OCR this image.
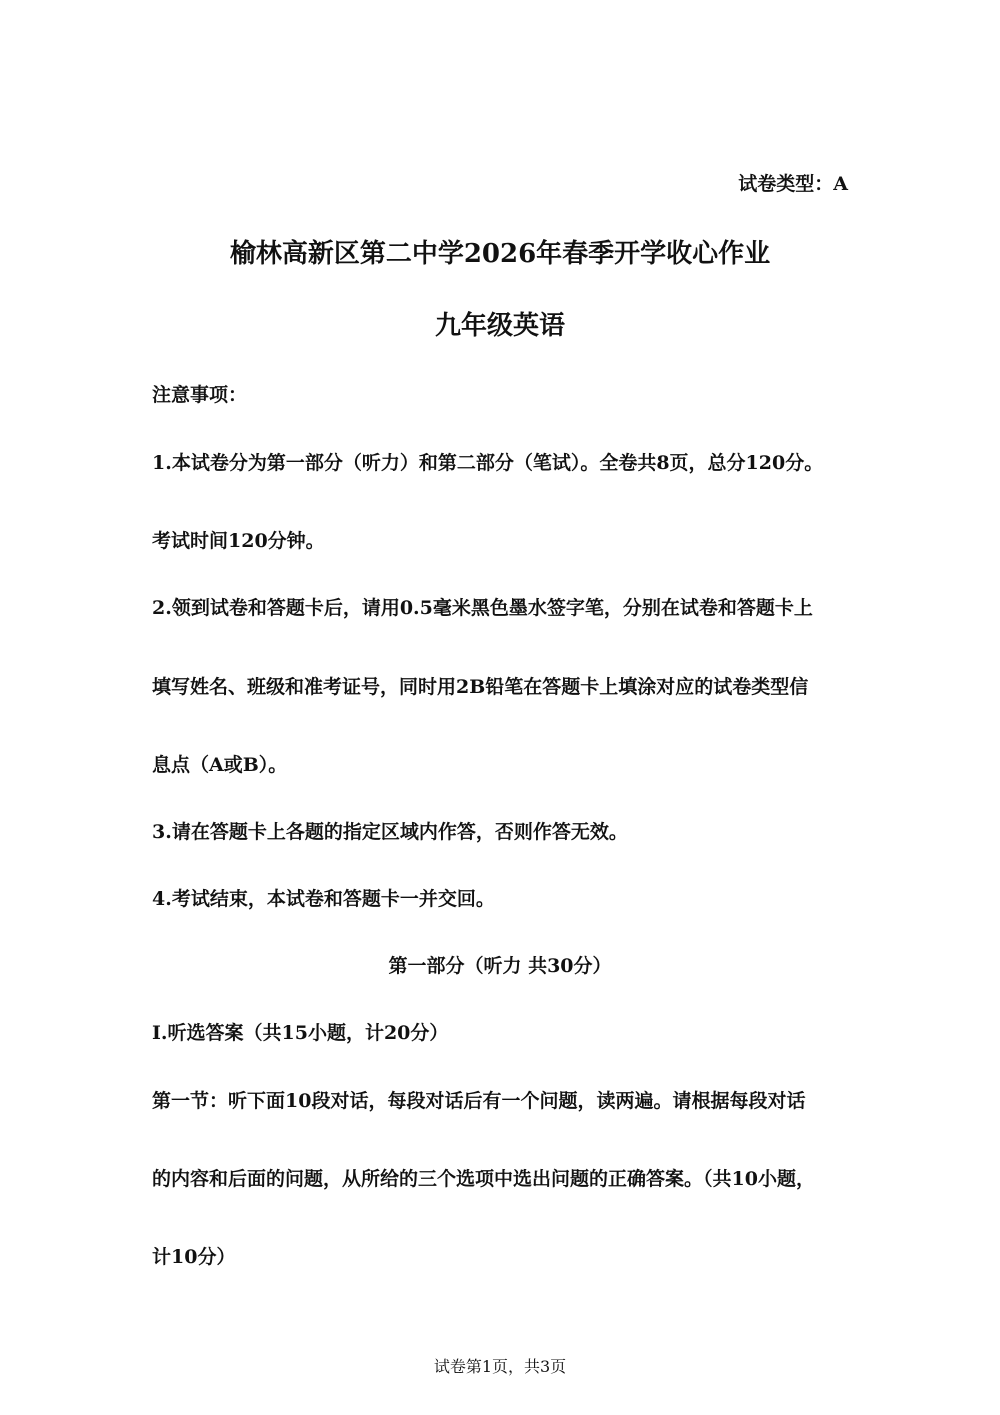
试卷类型：A
榆林高新区第二中学2026年春季开学收心作业
九年级英语
注意事项：
1.本试卷分为第一部分（听力）和第二部分（笔试）。全卷共8页，总分120分。
考试时间120分钟。
2.领到试卷和答题卡后，请用0.5毫米黑色墨水签字笔，分别在试卷和答题卡上
填写姓名、班级和准考证号，同时用2B铅笔在答题卡上填涂对应的试卷类型信
息点（A或B）。
3.请在答题卡上各题的指定区域内作答，否则作答无效。
4.考试结束，本试卷和答题卡一并交回。
第一部分（听力 共30分）
I.听选答案（共15小题，计20分）
第一节：听下面10段对话，每段对话后有一个问题，读两遍。请根据每段对话
的内容和后面的问题，从所给的三个选项中选出问题的正确答案。（共10小题，
计10分）
试卷第1页，共3页
